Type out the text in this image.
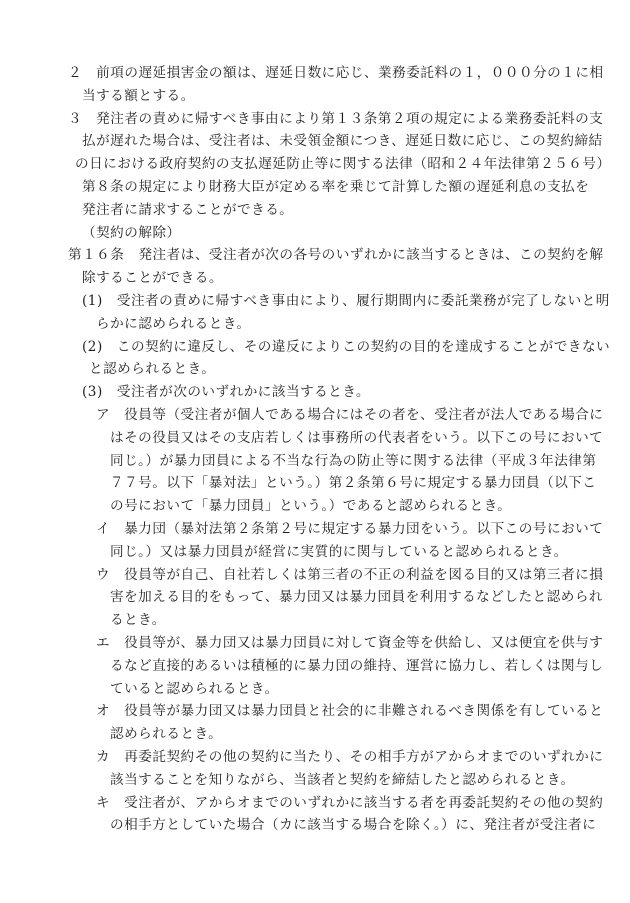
２　前項の遅延損害金の額は、遅延日数に応じ、業務委託料の１，０００分の１に相

当する額とする。

３　発注者の責めに帰すべき事由により第１３条第２項の規定による業務委託料の支

払が遅れた場合は、受注者は、未受領金額につき、遅延日数に応じ、この契約締結

の日における政府契約の支払遅延防止等に関する法律（昭和２４年法律第２５６号）

第８条の規定により財務大臣が定める率を乗じて計算した額の遅延利息の支払を

発注者に請求することができる。

（契約の解除）

第１６条　発注者は、受注者が次の各号のいずれかに該当するときは、この契約を解

除することができる。

(1)　受注者の責めに帰すべき事由により、履行期間内に委託業務が完了しないと明

らかに認められるとき。

(2)　この契約に違反し、その違反によりこの契約の目的を達成することができない

と認められるとき。

(3)　受注者が次のいずれかに該当するとき。

ア　役員等（受注者が個人である場合にはその者を、受注者が法人である場合に

はその役員又はその支店若しくは事務所の代表者をいう。以下この号において

同じ。）が暴力団員による不当な行為の防止等に関する法律（平成３年法律第

７７号。以下「暴対法」という。）第２条第６号に規定する暴力団員（以下こ

の号において「暴力団員」という。）であると認められるとき。

イ　暴力団（暴対法第２条第２号に規定する暴力団をいう。以下この号において

同じ。）又は暴力団員が経営に実質的に関与していると認められるとき。

ウ　役員等が自己、自社若しくは第三者の不正の利益を図る目的又は第三者に損

害を加える目的をもって、暴力団又は暴力団員を利用するなどしたと認められ

るとき。

エ　役員等が、暴力団又は暴力団員に対して資金等を供給し、又は便宜を供与す

るなど直接的あるいは積極的に暴力団の維持、運営に協力し、若しくは関与し

ていると認められるとき。

オ　役員等が暴力団又は暴力団員と社会的に非難されるべき関係を有していると

認められるとき。

カ　再委託契約その他の契約に当たり、その相手方がアからオまでのいずれかに

該当することを知りながら、当該者と契約を締結したと認められるとき。

キ　受注者が、アからオまでのいずれかに該当する者を再委託契約その他の契約

の相手方としていた場合（カに該当する場合を除く。）に、発注者が受注者に
